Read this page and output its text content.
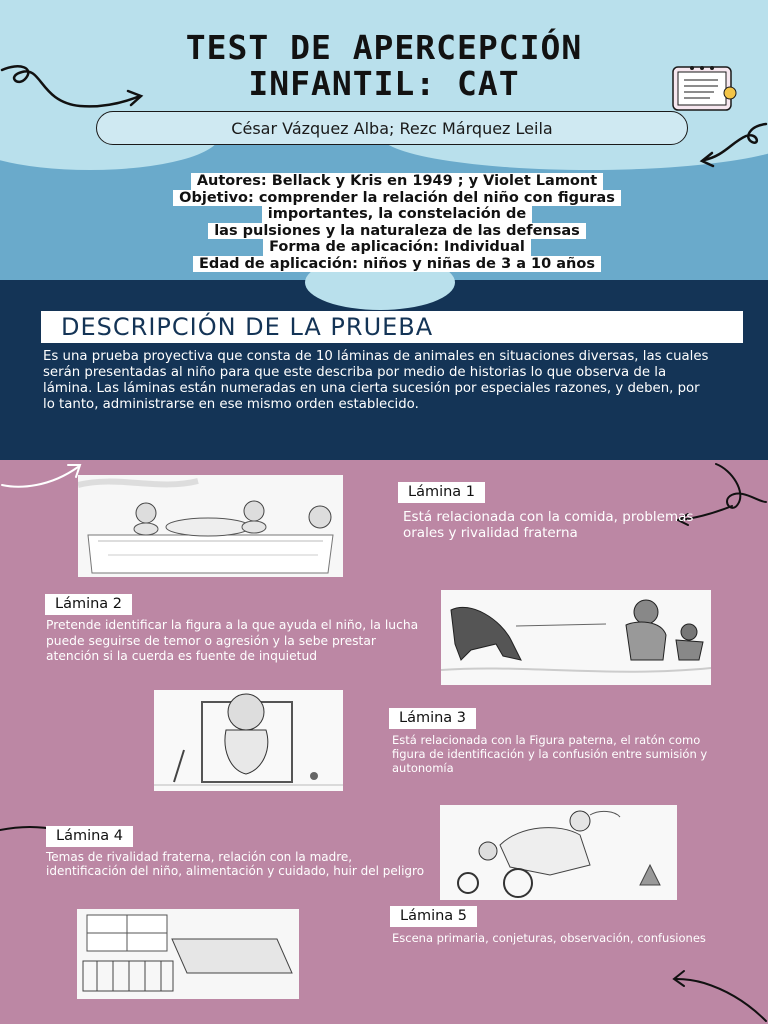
TEST DE APERCEPCIÓN
INFANTIL: CAT
César Vázquez Alba; Rezc Márquez Leila
Autores: Bellack y Kris en 1949 ; y Violet Lamont
Objetivo: comprender la relación del niño con figuras
importantes, la constelación de
las pulsiones y la naturaleza de las defensas
Forma de aplicación: Individual
Edad de aplicación: niños y niñas de 3 a 10 años
DESCRIPCIÓN DE LA PRUEBA
Es una prueba proyectiva que consta de 10 láminas de animales en situaciones diversas, las cuales serán presentadas al niño para que este describa por medio de historias lo que observa de la lámina. Las láminas están numeradas en una cierta sucesión por especiales razones, y deben, por lo tanto, administrarse en ese mismo orden establecido.
Lámina 1
Está relacionada con la comida, problemas orales y rivalidad fraterna
Lámina 2
Pretende identificar la figura a la que ayuda el niño, la lucha puede seguirse de temor o agresión y la sebe prestar atención si la cuerda es fuente de inquietud
Lámina 3
Está relacionada con la Figura paterna, el ratón como figura de identificación y la confusión entre sumisión y autonomía
Lámina 4
Temas de rivalidad fraterna, relación con la madre, identificación del niño, alimentación y cuidado, huir del peligro
Lámina 5
Escena primaria, conjeturas, observación, confusiones
